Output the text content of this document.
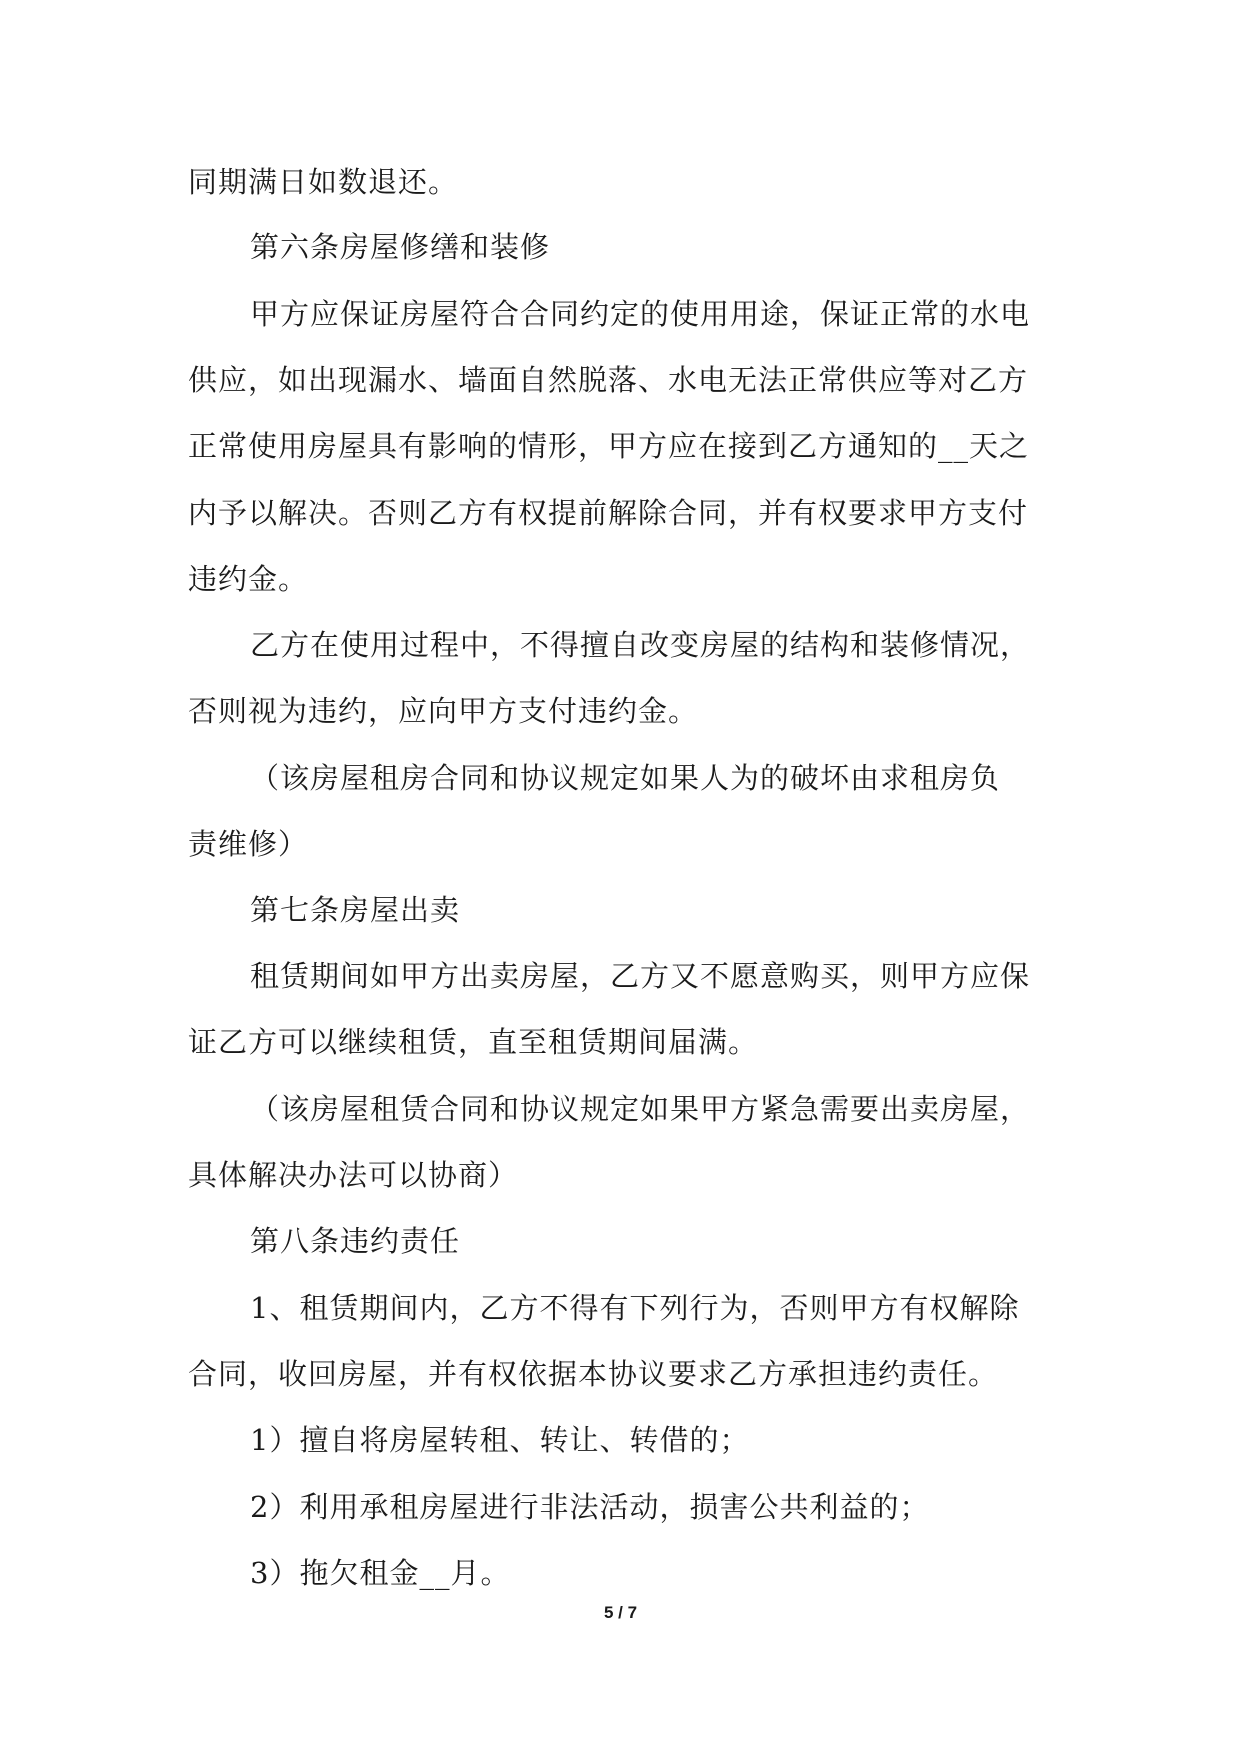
同期满日如数退还。
第六条房屋修缮和装修
甲方应保证房屋符合合同约定的使用用途，保证正常的水电
供应，如出现漏水、墙面自然脱落、水电无法正常供应等对乙方
正常使用房屋具有影响的情形，甲方应在接到乙方通知的__天之
内予以解决。否则乙方有权提前解除合同，并有权要求甲方支付
违约金。
乙方在使用过程中，不得擅自改变房屋的结构和装修情况，
否则视为违约，应向甲方支付违约金。
（该房屋租房合同和协议规定如果人为的破坏由求租房负
责维修）
第七条房屋出卖
租赁期间如甲方出卖房屋，乙方又不愿意购买，则甲方应保
证乙方可以继续租赁，直至租赁期间届满。
（该房屋租赁合同和协议规定如果甲方紧急需要出卖房屋，
具体解决办法可以协商）
第八条违约责任
1、租赁期间内，乙方不得有下列行为，否则甲方有权解除
合同，收回房屋，并有权依据本协议要求乙方承担违约责任。
1）擅自将房屋转租、转让、转借的；
2）利用承租房屋进行非法活动，损害公共利益的；
3）拖欠租金__月。
5 / 7
